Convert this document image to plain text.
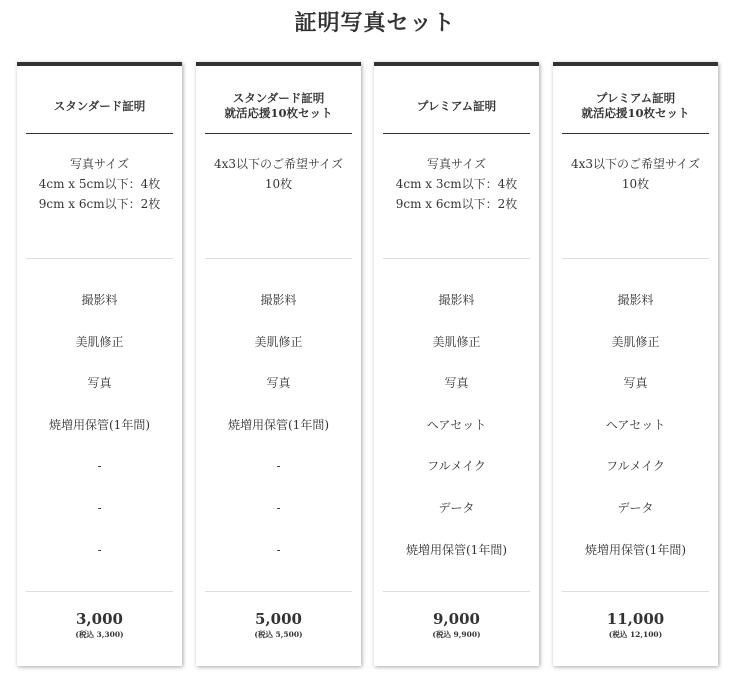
証明写真セット
スタンダード証明
写真サイズ
4cm x 5cm以下：4枚
9cm x 6cm以下：2枚
撮影料
美肌修正
写真
焼増用保管(1年間)
-
-
-
3,000
(税込 3,300)
スタンダード証明
就活応援10枚セット
4x3以下のご希望サイズ
10枚
撮影料
美肌修正
写真
焼増用保管(1年間)
-
-
-
5,000
(税込 5,500)
プレミアム証明
写真サイズ
4cm x 3cm以下：4枚
9cm x 6cm以下：2枚
撮影料
美肌修正
写真
ヘアセット
フルメイク
データ
焼増用保管(1年間)
9,000
(税込 9,900)
プレミアム証明
就活応援10枚セット
4x3以下のご希望サイズ
10枚
撮影料
美肌修正
写真
ヘアセット
フルメイク
データ
焼増用保管(1年間)
11,000
(税込 12,100)
